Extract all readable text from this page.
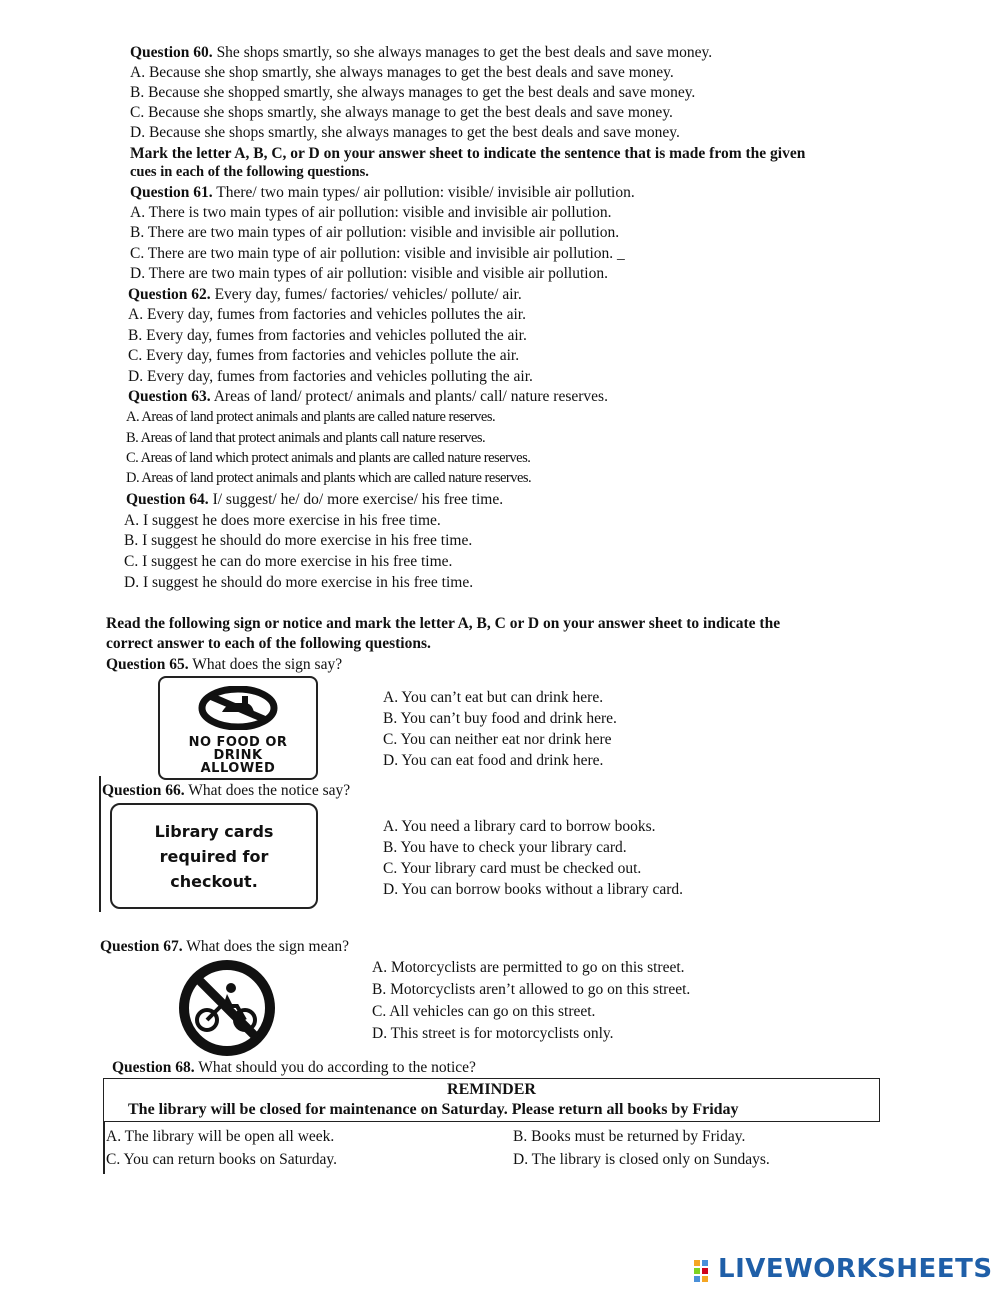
Question 60. She shops smartly, so she always manages to get the best deals and save money.
A. Because she shop smartly, she always manages to get the best deals and save money.
B. Because she shopped smartly, she always manages to get the best deals and save money.
C. Because she shops smartly, she always manage to get the best deals and save money.
D. Because she shops smartly, she always manages to get the best deals and save money.
Mark the letter A, B, C, or D on your answer sheet to indicate the sentence that is made from the given
cues in each of the following questions.
Question 61. There/ two main types/ air pollution: visible/ invisible air pollution.
A. There is two main types of air pollution: visible and invisible air pollution.
B. There are two main types of air pollution: visible and invisible air pollution.
C. There are two main type of air pollution: visible and invisible air pollution. _
D. There are two main types of air pollution: visible and visible air pollution.
Question 62. Every day, fumes/ factories/ vehicles/ pollute/ air.
A. Every day, fumes from factories and vehicles pollutes the air.
B. Every day, fumes from factories and vehicles polluted the air.
C. Every day, fumes from factories and vehicles pollute the air.
D. Every day, fumes from factories and vehicles polluting the air.
Question 63. Areas of land/ protect/ animals and plants/ call/ nature reserves.
A. Areas of land protect animals and plants are called nature reserves.
B. Areas of land that protect animals and plants call nature reserves.
C. Areas of land which protect animals and plants are called nature reserves.
D. Areas of land protect animals and plants which are called nature reserves.
Question 64. I/ suggest/ he/ do/ more exercise/ his free time.
A. I suggest he does more exercise in his free time.
B. I suggest he should do more exercise in his free time.
C. I suggest he can do more exercise in his free time.
D. I suggest he should do more exercise in his free time.
Read the following sign or notice and mark the letter A, B, C or D on your answer sheet to indicate the
correct answer to each of the following questions.
Question 65. What does the sign say?
NO FOOD OR
DRINK
ALLOWED
A. You can’t eat but can drink here.
B. You can’t buy food and drink here.
C. You can neither eat nor drink here
D. You can eat food and drink here.
Question 66. What does the notice say?
Library cards
required for
checkout.
A. You need a library card to borrow books.
B. You have to check your library card.
C. Your library card must be checked out.
D. You can borrow books without a library card.
Question 67. What does the sign mean?
A. Motorcyclists are permitted to go on this street.
B. Motorcyclists aren’t allowed to go on this street.
C. All vehicles can go on this street.
D. This street is for motorcyclists only.
Question 68. What should you do according to the notice?
REMINDER
The library will be closed for maintenance on Saturday. Please return all books by Friday
A. The library will be open all week.	B. Books must be returned by Friday.
C. You can return books on Saturday.	D. The library is closed only on Sundays.
LIVEWORKSHEETS
